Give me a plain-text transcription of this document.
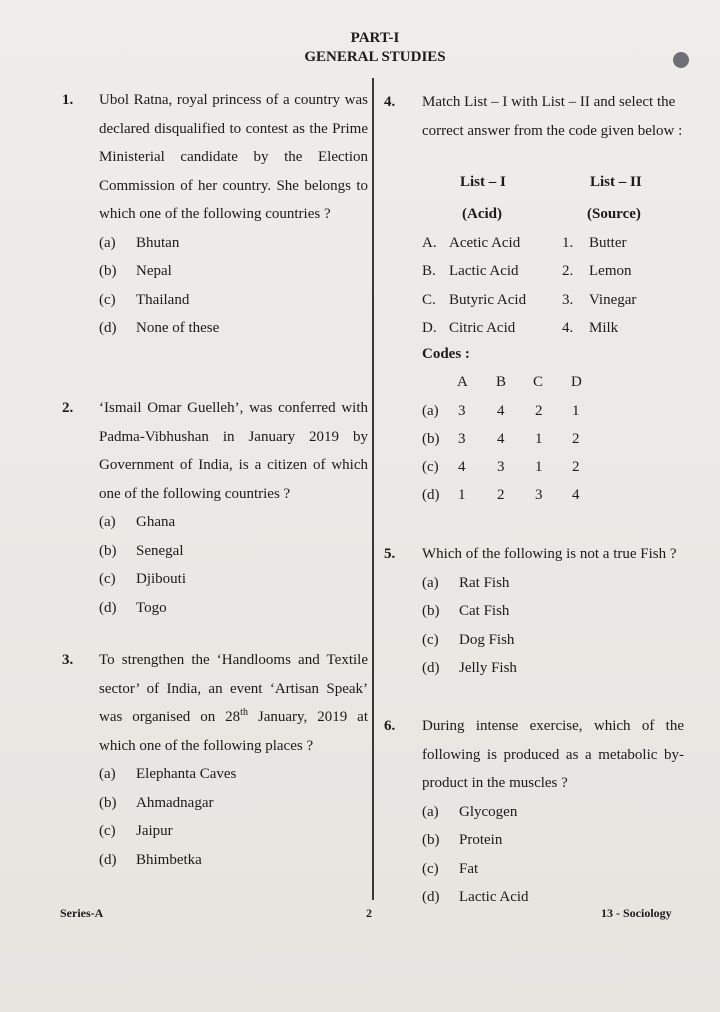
PART-I
GENERAL STUDIES
1. Ubol Ratna, royal princess of a country was declared disqualified to contest as the Prime Ministerial candidate by the Election Commission of her country. She belongs to which one of the following countries ?
(a)	Bhutan
(b)	Nepal
(c)	Thailand
(d)	None of these
2. ‘Ismail Omar Guelleh’, was conferred with Padma-Vibhushan in January 2019 by Government of India, is a citizen of which one of the following countries ?
(a)	Ghana
(b)	Senegal
(c)	Djibouti
(d)	Togo
3. To strengthen the ‘Handlooms and Textile sector’ of India, an event ‘Artisan Speak’ was organised on 28th January, 2019 at which one of the following places ?
(a)	Elephanta Caves
(b)	Ahmadnagar
(c)	Jaipur
(d)	Bhimbetka
4. Match List – I with List – II and select the correct answer from the code given below :
List – I
(Acid)
List – II
(Source)
A. Acetic Acid	1. Butter
B. Lactic Acid	2. Lemon
C. Butyric Acid 3. Vinegar
D. Citric Acid	4. Milk
Codes :
A B C D
(a) 3 4 2 1
(b) 3 4 1 2
(c) 4 3 1 2
(d) 1 2 3 4
5. Which of the following is not a true Fish ?
(a)	Rat Fish
(b)	Cat Fish
(c)	Dog Fish
(d)	Jelly Fish
6. During intense exercise, which of the following is produced as a metabolic by-product in the muscles ?
(a)	Glycogen
(b)	Protein
(c)	Fat
(d)	Lactic Acid
Series-A	2	13 - Sociology
